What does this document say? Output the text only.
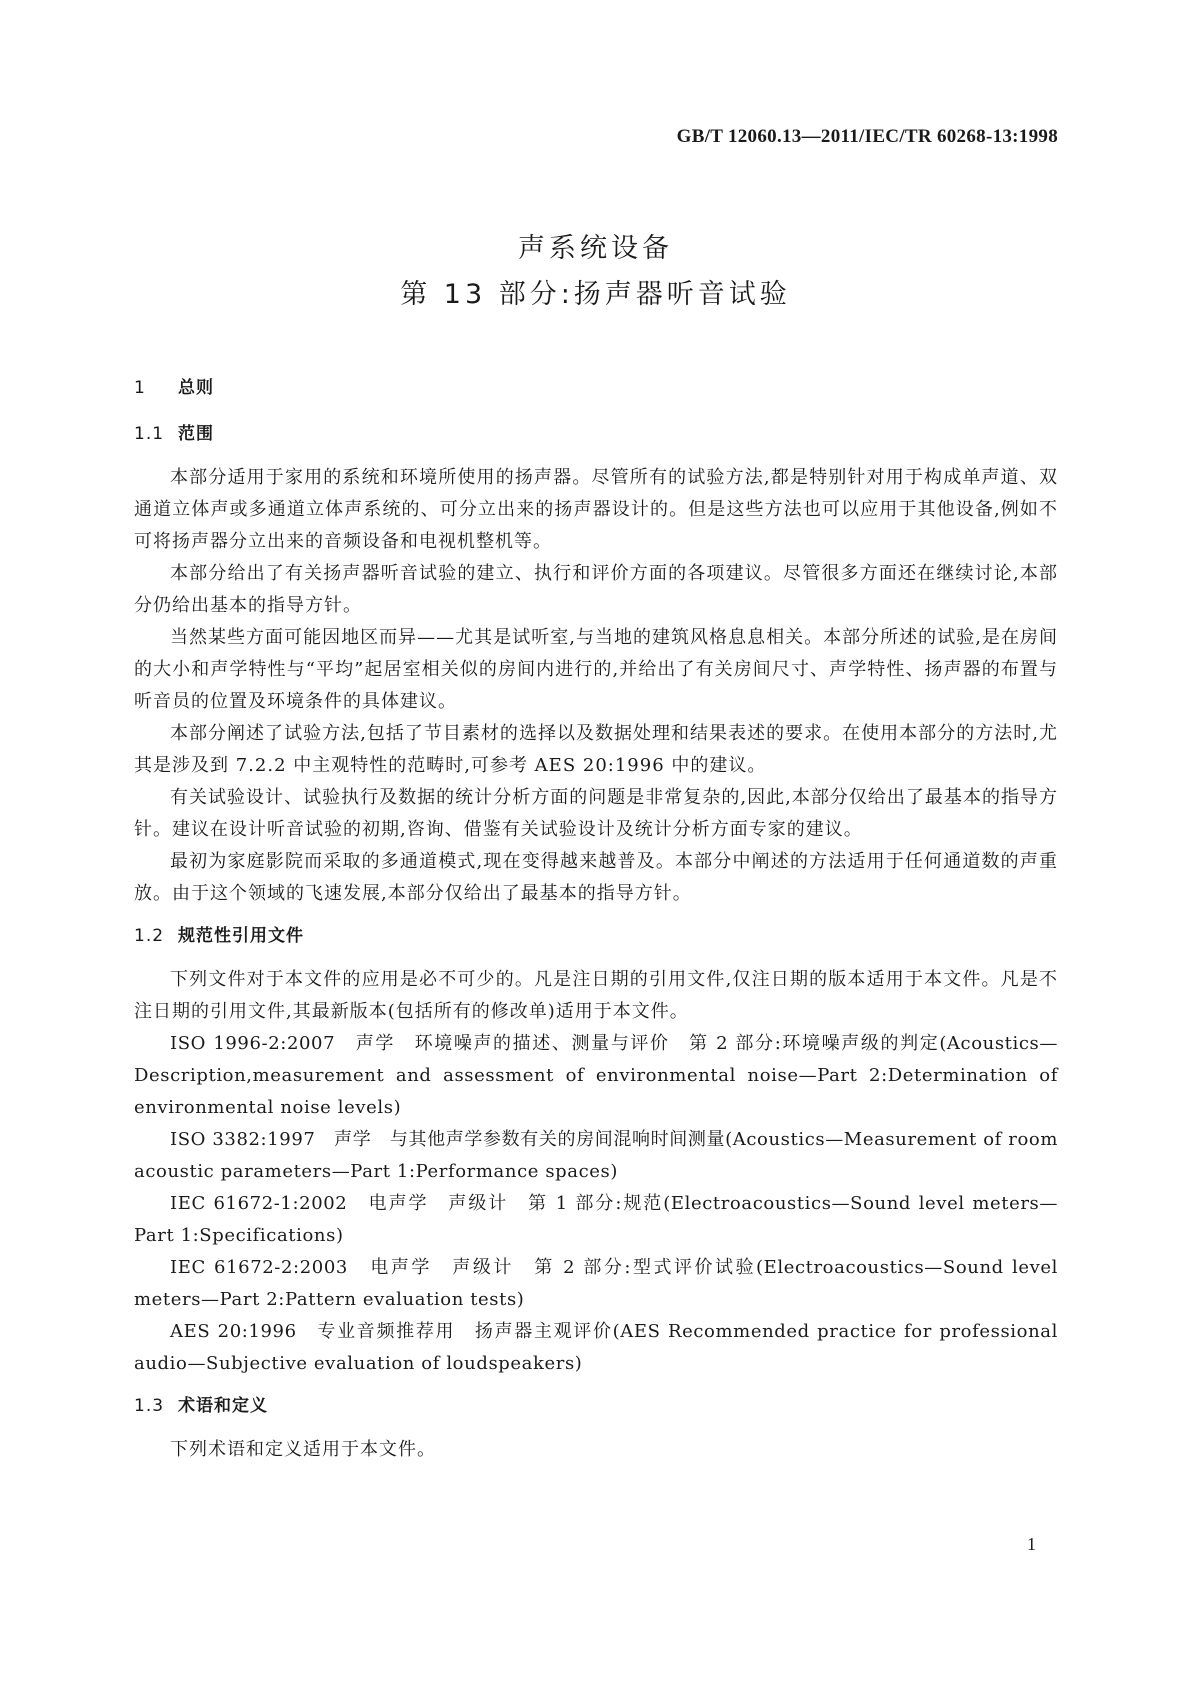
GB/T 12060.13—2011/IEC/TR 60268-13:1998
声系统设备
第 13 部分:扬声器听音试验
1 总则
1.1 范围

本部分适用于家用的系统和环境所使用的扬声器。尽管所有的试验方法,都是特别针对用于构成单声道、双通道立体声或多通道立体声系统的、可分立出来的扬声器设计的。但是这些方法也可以应用于其他设备,例如不可将扬声器分立出来的音频设备和电视机整机等。

本部分给出了有关扬声器听音试验的建立、执行和评价方面的各项建议。尽管很多方面还在继续讨论,本部分仍给出基本的指导方针。

当然某些方面可能因地区而异——尤其是试听室,与当地的建筑风格息息相关。本部分所述的试验,是在房间的大小和声学特性与“平均”起居室相关似的房间内进行的,并给出了有关房间尺寸、声学特性、扬声器的布置与听音员的位置及环境条件的具体建议。

本部分阐述了试验方法,包括了节目素材的选择以及数据处理和结果表述的要求。在使用本部分的方法时,尤其是涉及到 7.2.2 中主观特性的范畴时,可参考 AES 20:1996 中的建议。

有关试验设计、试验执行及数据的统计分析方面的问题是非常复杂的,因此,本部分仅给出了最基本的指导方针。建议在设计听音试验的初期,咨询、借鉴有关试验设计及统计分析方面专家的建议。

最初为家庭影院而采取的多通道模式,现在变得越来越普及。本部分中阐述的方法适用于任何通道数的声重放。由于这个领域的飞速发展,本部分仅给出了最基本的指导方针。

1.2 规范性引用文件

下列文件对于本文件的应用是必不可少的。凡是注日期的引用文件,仅注日期的版本适用于本文件。凡是不注日期的引用文件,其最新版本(包括所有的修改单)适用于本文件。

ISO 1996-2:2007　声学　环境噪声的描述、测量与评价　第 2 部分:环境噪声级的判定(Acoustics—Description,measurement and assessment of environmental noise—Part 2:Determination of environmental noise levels)

ISO 3382:1997　声学　与其他声学参数有关的房间混响时间测量(Acoustics—Measurement of room acoustic parameters—Part 1:Performance spaces)

IEC 61672-1:2002　电声学　声级计　第 1 部分:规范(Electroacoustics—Sound level meters—Part 1:Specifications)

IEC 61672-2:2003　电声学　声级计　第 2 部分:型式评价试验(Electroacoustics—Sound level meters—Part 2:Pattern evaluation tests)

AES 20:1996　专业音频推荐用　扬声器主观评价(AES Recommended practice for professional audio—Subjective evaluation of loudspeakers)

1.3 术语和定义

下列术语和定义适用于本文件。

1
